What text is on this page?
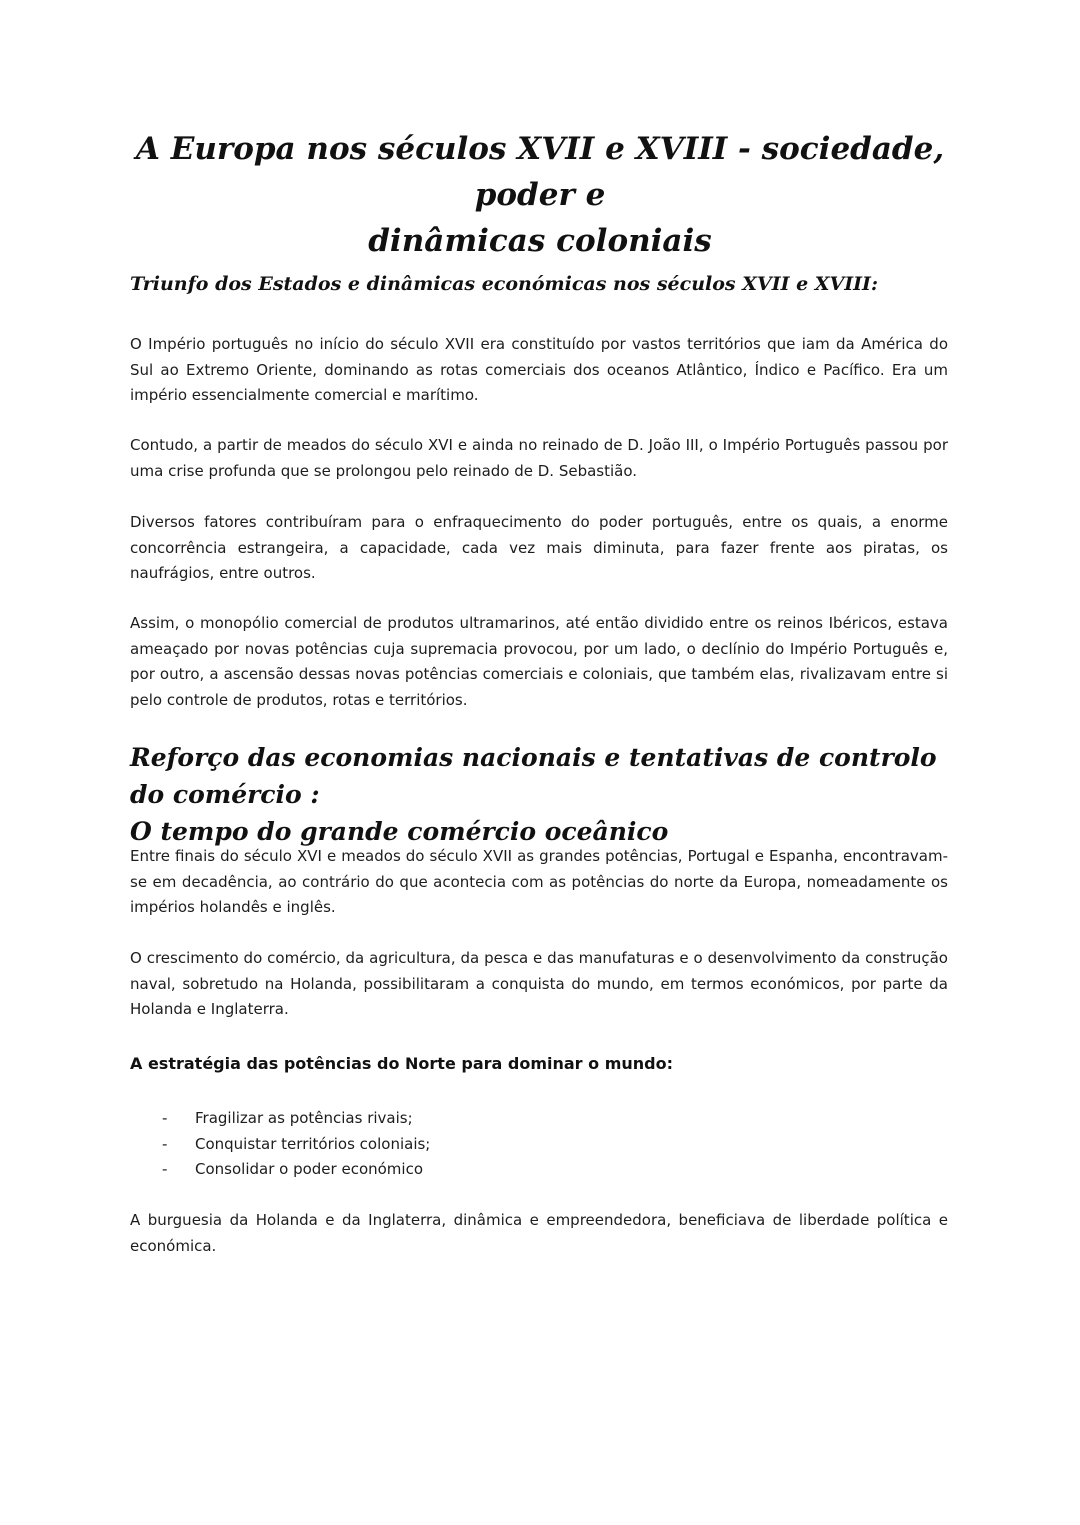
A Europa nos séculos XVII e XVIII - sociedade, poder e
dinâmicas coloniais
Triunfo dos Estados e dinâmicas económicas nos séculos XVII e XVIII:

O Império português no início do século XVII era constituído por vastos territórios que iam da América do Sul ao Extremo Oriente, dominando as rotas comerciais dos oceanos Atlântico, Índico e Pacífico. Era um império essencialmente comercial e marítimo.

Contudo, a partir de meados do século XVI e ainda no reinado de D. João III, o Império Português passou por uma crise profunda que se prolongou pelo reinado de D. Sebastião.

Diversos fatores contribuíram para o enfraquecimento do poder português, entre os quais, a enorme concorrência estrangeira, a capacidade, cada vez mais diminuta, para fazer frente aos piratas, os naufrágios, entre outros.

Assim, o monopólio comercial de produtos ultramarinos, até então dividido entre os reinos Ibéricos, estava ameaçado por novas potências cuja supremacia provocou, por um lado, o declínio do Império Português e, por outro, a ascensão dessas novas potências comerciais e coloniais, que também elas, rivalizavam entre si pelo controle de produtos, rotas e territórios.

Reforço das economias nacionais e tentativas de controlo do comércio :
O tempo do grande comércio oceânico

Entre finais do século XVI e meados do século XVII as grandes potências, Portugal e Espanha, encontravam-se em decadência, ao contrário do que acontecia com as potências do norte da Europa, nomeadamente os impérios holandês e inglês.

O crescimento do comércio, da agricultura, da pesca e das manufaturas e o desenvolvimento da construção naval, sobretudo na Holanda, possibilitaram a conquista do mundo, em termos económicos, por parte da Holanda e Inglaterra.

A estratégia das potências do Norte para dominar o mundo:
- Fragilizar as potências rivais;
- Conquistar territórios coloniais;
- Consolidar o poder económico

A burguesia da Holanda e da Inglaterra, dinâmica e empreendedora, beneficiava de liberdade política e económica.
